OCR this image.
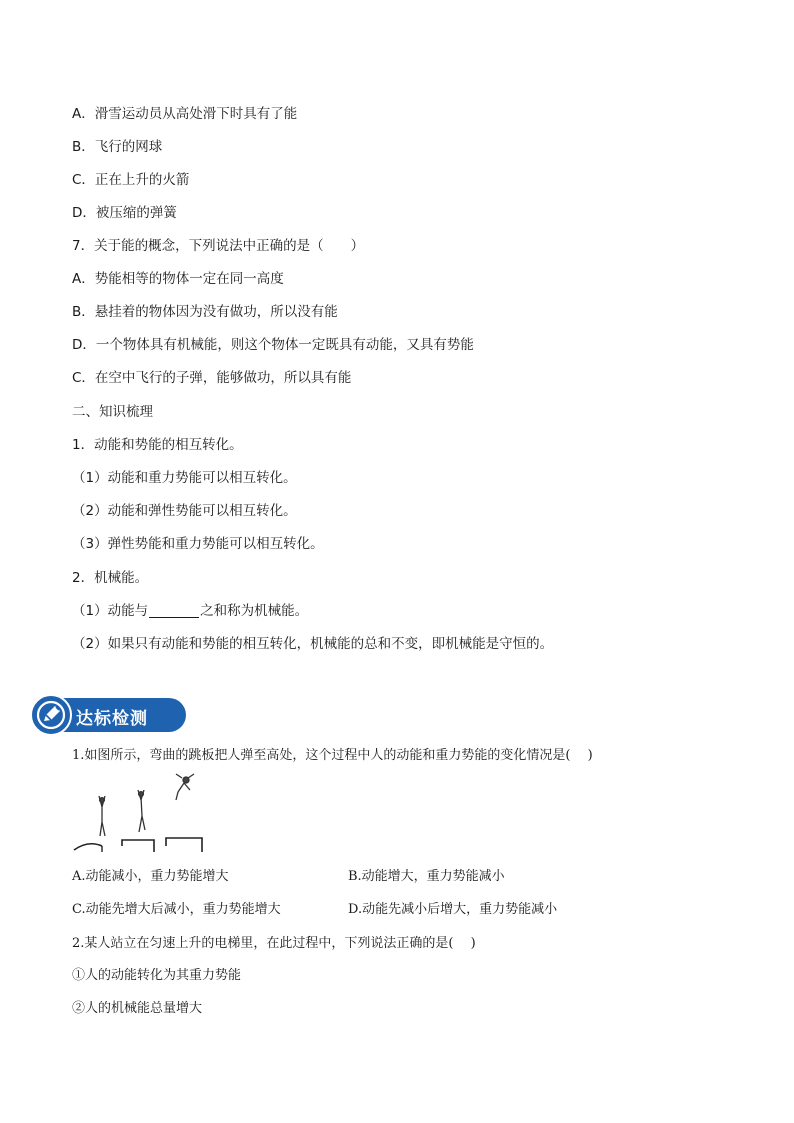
A．滑雪运动员从高处滑下时具有了能
B．飞行的网球
C．正在上升的火箭
D．被压缩的弹簧
7．关于能的概念，下列说法中正确的是（　　）
A．势能相等的物体一定在同一高度
B．悬挂着的物体因为没有做功，所以没有能
D．一个物体具有机械能，则这个物体一定既具有动能，又具有势能
C．在空中飞行的子弹，能够做功，所以具有能
二、知识梳理
1．动能和势能的相互转化。
（1）动能和重力势能可以相互转化。
（2）动能和弹性势能可以相互转化。
（3）弹性势能和重力势能可以相互转化。
2．机械能。
（1）动能与	之和称为机械能。
（2）如果只有动能和势能的相互转化，机械能的总和不变，即机械能是守恒的。
达标检测
1.如图所示，弯曲的跳板把人弹至高处，这个过程中人的动能和重力势能的变化情况是(　 )
A.动能减小，重力势能增大	B.动能增大，重力势能减小
C.动能先增大后减小，重力势能增大	D.动能先减小后增大，重力势能减小
2.某人站立在匀速上升的电梯里，在此过程中，下列说法正确的是(　 )
①人的动能转化为其重力势能
②人的机械能总量增大
